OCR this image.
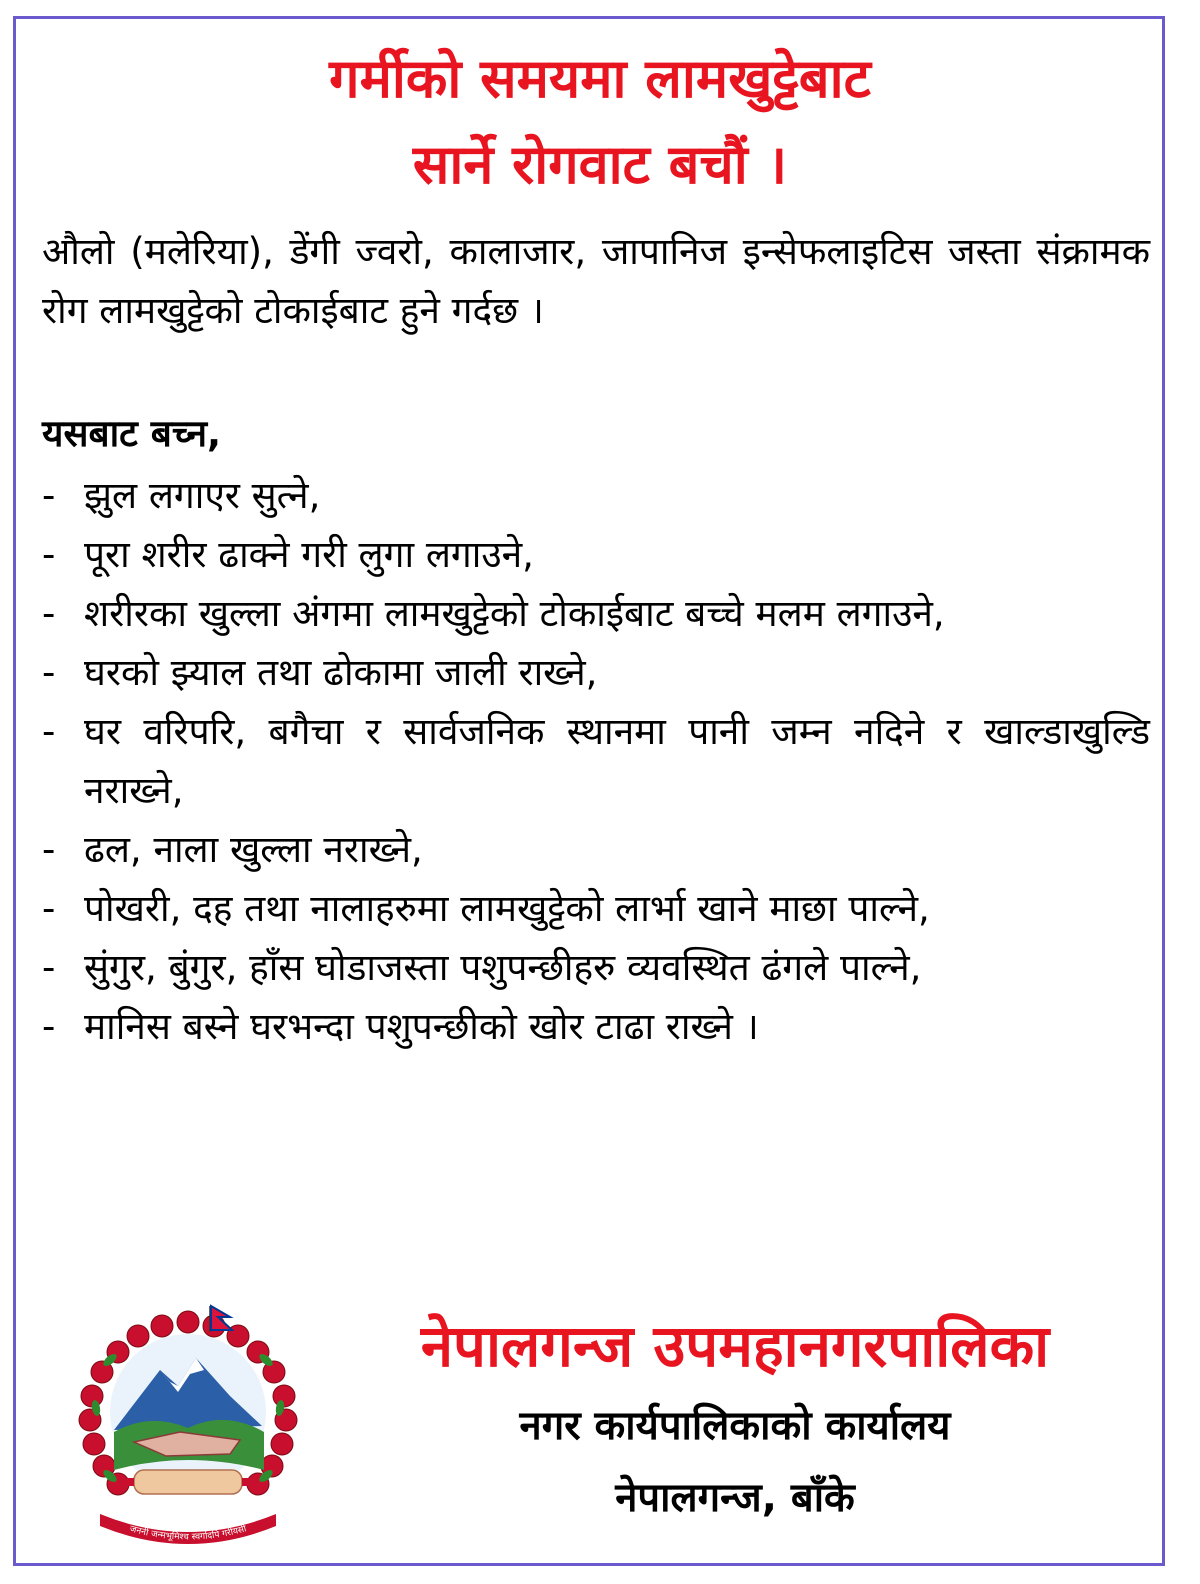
गर्मीको समयमा लामखुट्टेबाट
सार्ने रोगवाट बचौं ।
औलो (मलेरिया), डेंगी ज्वरो, कालाजार, जापानिज इन्सेफलाइटिस जस्ता संक्रामक रोग लामखुट्टेको टोकाईबाट हुने गर्दछ ।
यसबाट बच्न,
- झुल लगाएर सुत्ने,
- पूरा शरीर ढाक्ने गरी लुगा लगाउने,
- शरीरका खुल्ला अंगमा लामखुट्टेको टोकाईबाट बच्चे मलम लगाउने,
- घरको झ्याल तथा ढोकामा जाली राख्ने,
- घर वरिपरि, बगैचा र सार्वजनिक स्थानमा पानी जम्न नदिने र खाल्डाखुल्डि नराख्ने,
- ढल, नाला खुल्ला नराख्ने,
- पोखरी, दह तथा नालाहरुमा लामखुट्टेको लार्भा खाने माछा पाल्ने,
- सुंगुर, बुंगुर, हाँस घोडाजस्ता पशुपन्छीहरु व्यवस्थित ढंगले पाल्ने,
- मानिस बस्ने घरभन्दा पशुपन्छीको खोर टाढा राख्ने ।
जननी जन्मभूमिश्च स्वर्गादपि गरीयसी
नेपालगन्ज उपमहानगरपालिका
नगर कार्यपालिकाको कार्यालय
नेपालगन्ज, बाँके
